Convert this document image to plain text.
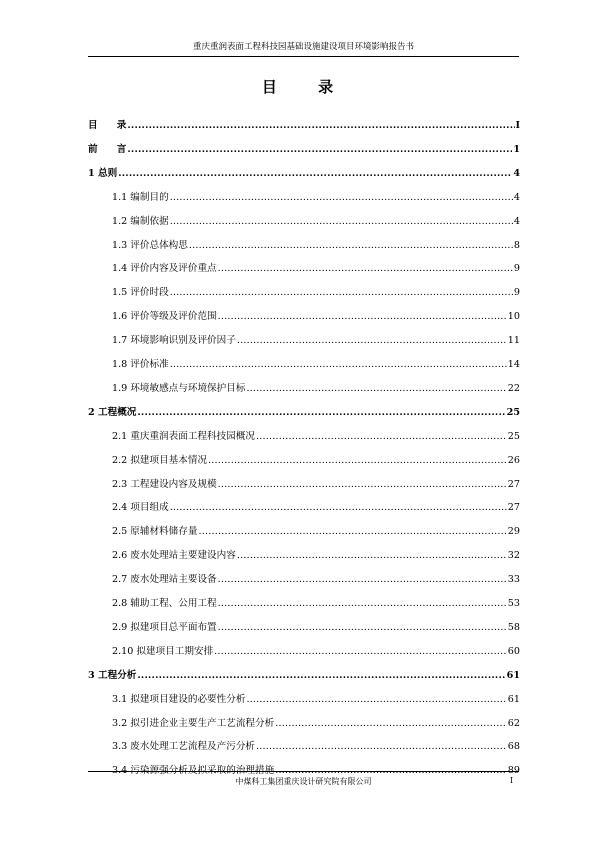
重庆重润表面工程科技园基础设施建设项目环境影响报告书
目 录
目　　录 .....	I
前　　言 .....	1
1 总则 .....	4
1.1 编制目的 .....	4
1.2 编制依据 .....	4
1.3 评价总体构思 .....	8
1.4 评价内容及评价重点 .....	9
1.5 评价时段 .....	9
1.6 评价等级及评价范围 .....	10
1.7 环境影响识别及评价因子 .....	11
1.8 评价标准 .....	14
1.9 环境敏感点与环境保护目标 .....	22
2 工程概况 .....	25
2.1 重庆重润表面工程科技园概况 .....	25
2.2 拟建项目基本情况 .....	26
2.3 工程建设内容及规模 .....	27
2.4 项目组成 .....	27
2.5 原辅材料储存量 .....	29
2.6 废水处理站主要建设内容 .....	32
2.7 废水处理站主要设备 .....	33
2.8 辅助工程、公用工程 .....	53
2.9 拟建项目总平面布置 .....	58
2.10 拟建项目工期安排 .....	60
3 工程分析 .....	61
3.1 拟建项目建设的必要性分析 .....	61
3.2 拟引进企业主要生产工艺流程分析 .....	62
3.3 废水处理工艺流程及产污分析 .....	68
3.4 污染源强分析及拟采取的治理措施 .....	89
中煤科工集团重庆设计研究院有限公司	I
